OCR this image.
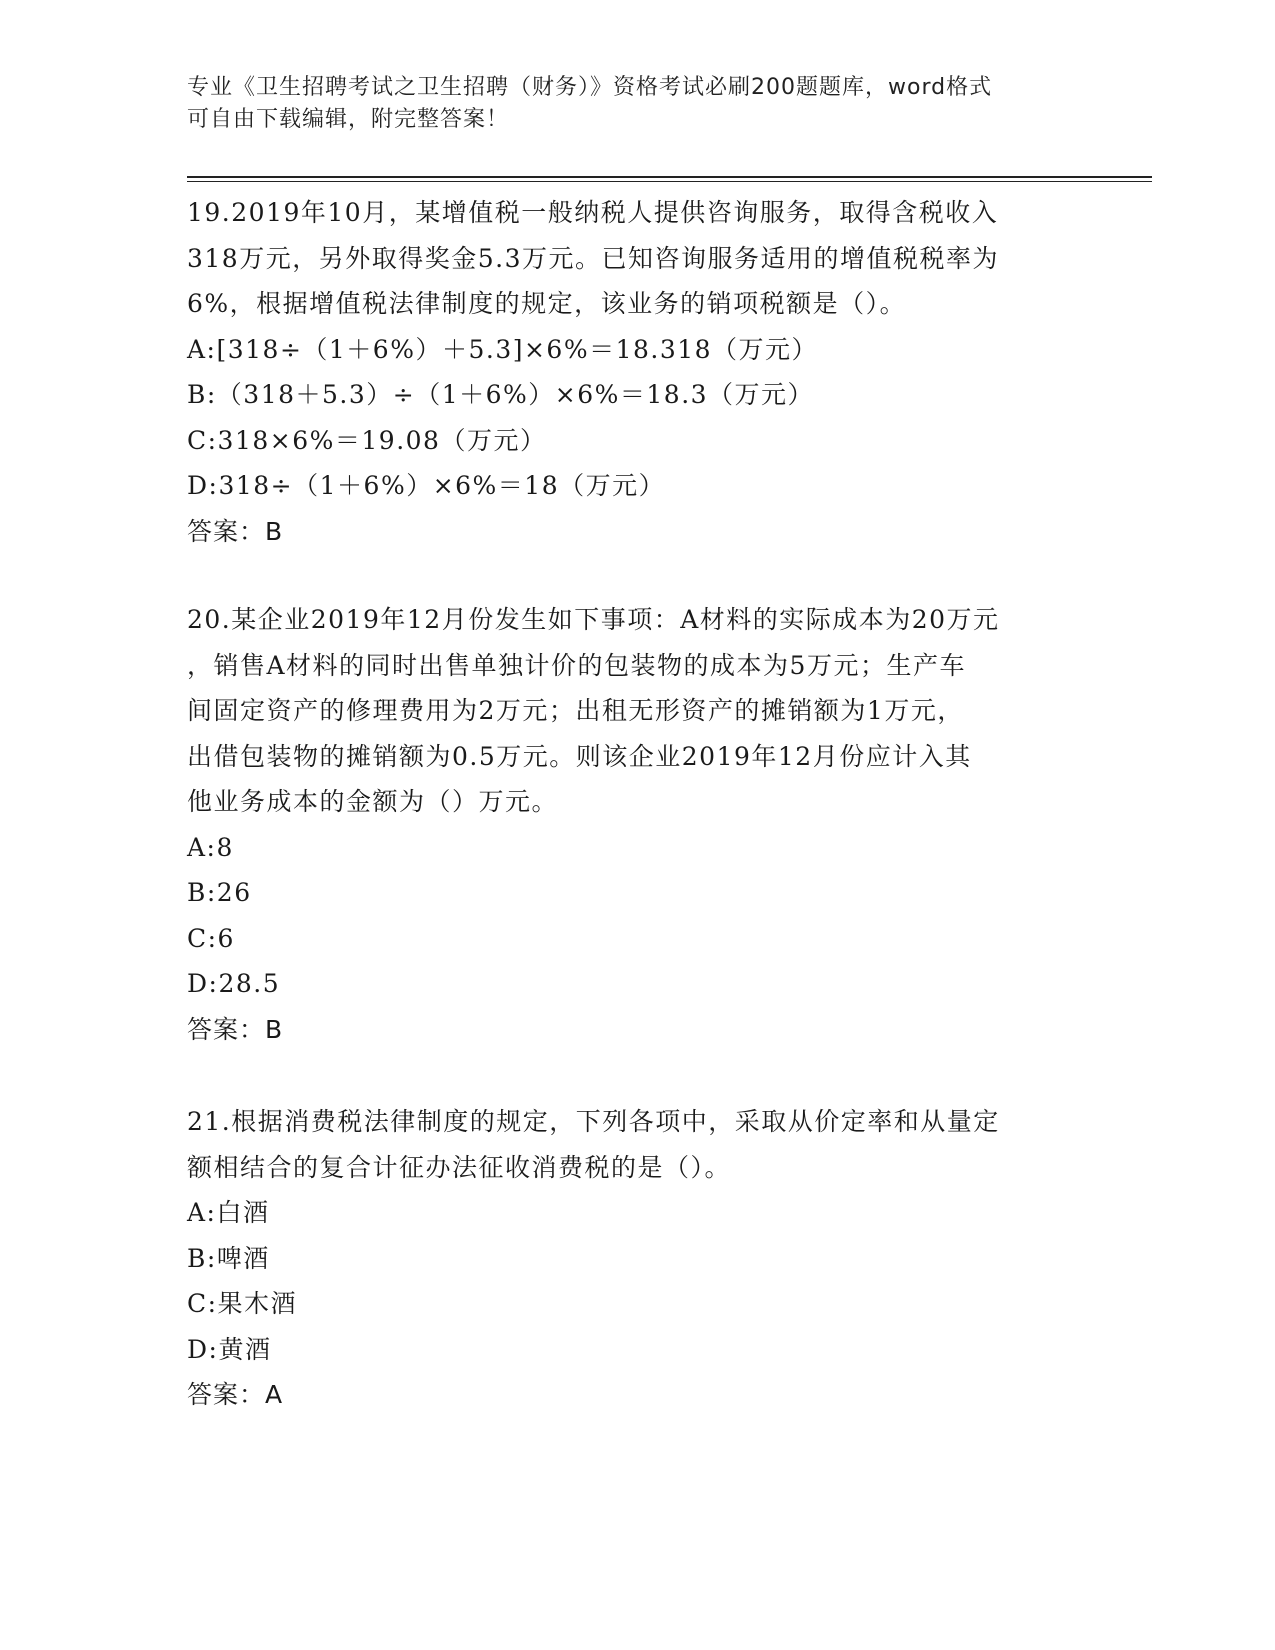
专业《卫生招聘考试之卫生招聘（财务）》资格考试必刷200题题库，word格式
可自由下载编辑，附完整答案！
19.2019年10月，某增值税一般纳税人提供咨询服务，取得含税收入
318万元，另外取得奖金5.3万元。已知咨询服务适用的增值税税率为
6%，根据增值税法律制度的规定，该业务的销项税额是（）。
A:[318÷（1＋6%）＋5.3]×6%＝18.318（万元）
B:（318＋5.3）÷（1＋6%）×6%＝18.3（万元）
C:318×6%＝19.08（万元）
D:318÷（1＋6%）×6%＝18（万元）
答案：B
20.某企业2019年12月份发生如下事项：A材料的实际成本为20万元
，销售A材料的同时出售单独计价的包装物的成本为5万元；生产车
间固定资产的修理费用为2万元；出租无形资产的摊销额为1万元，
出借包装物的摊销额为0.5万元。则该企业2019年12月份应计入其
他业务成本的金额为（）万元。
A:8
B:26
C:6
D:28.5
答案：B
21.根据消费税法律制度的规定，下列各项中，采取从价定率和从量定
额相结合的复合计征办法征收消费税的是（）。
A:白酒
B:啤酒
C:果木酒
D:黄酒
答案：A
